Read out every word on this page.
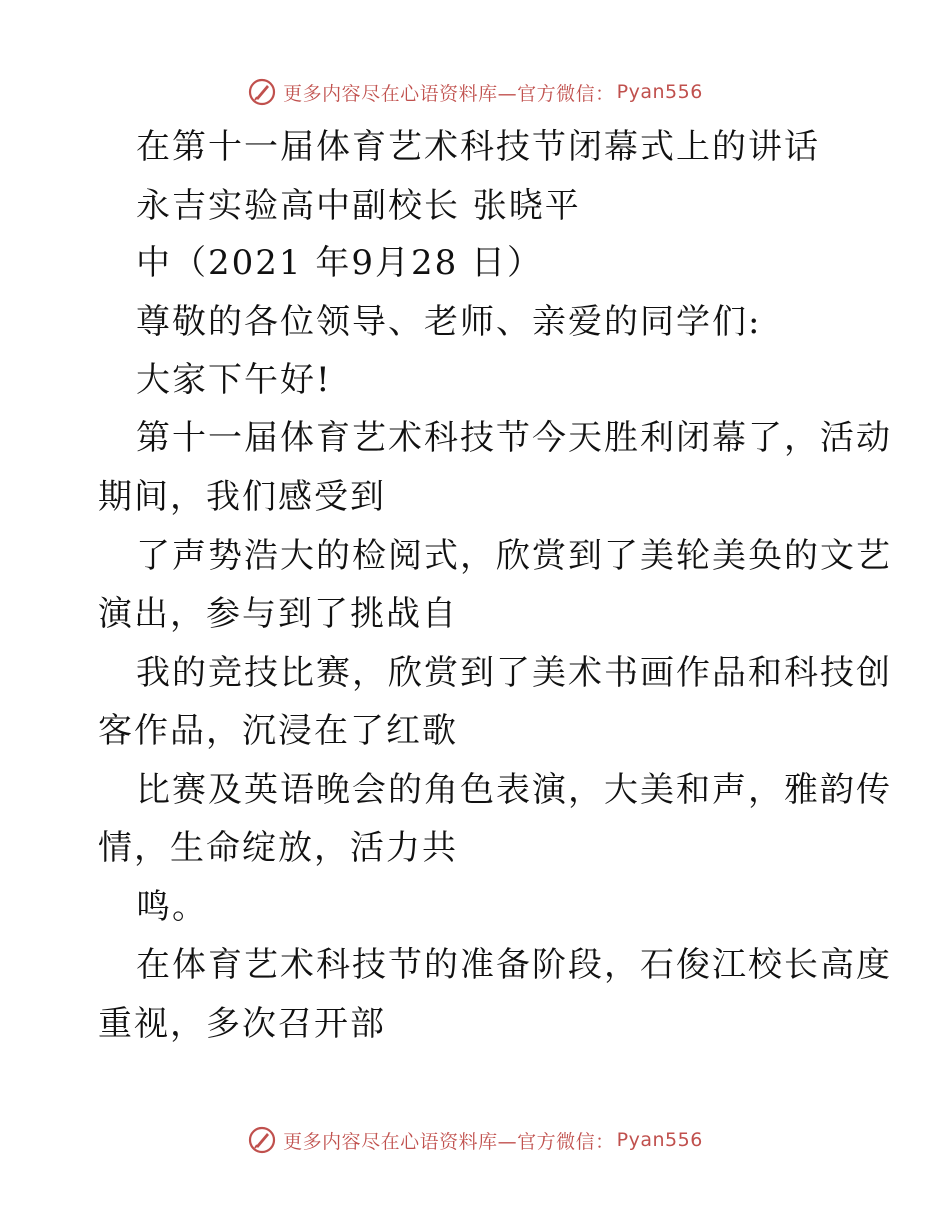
更多内容尽在心语资料库—官方微信： Pyan556
在第十一届体育艺术科技节闭幕式上的讲话
永吉实验高中副校长 张晓平
中（2021 年9月28 日）
尊敬的各位领导、老师、亲爱的同学们:
大家下午好!
第十一届体育艺术科技节今天胜利闭幕了，活动
期间，我们感受到
了声势浩大的检阅式，欣赏到了美轮美奂的文艺
演出，参与到了挑战自
我的竞技比赛，欣赏到了美术书画作品和科技创
客作品，沉浸在了红歌
比赛及英语晚会的角色表演，大美和声，雅韵传
情，生命绽放，活力共
鸣。
在体育艺术科技节的准备阶段，石俊江校长高度
重视，多次召开部
更多内容尽在心语资料库—官方微信： Pyan556
